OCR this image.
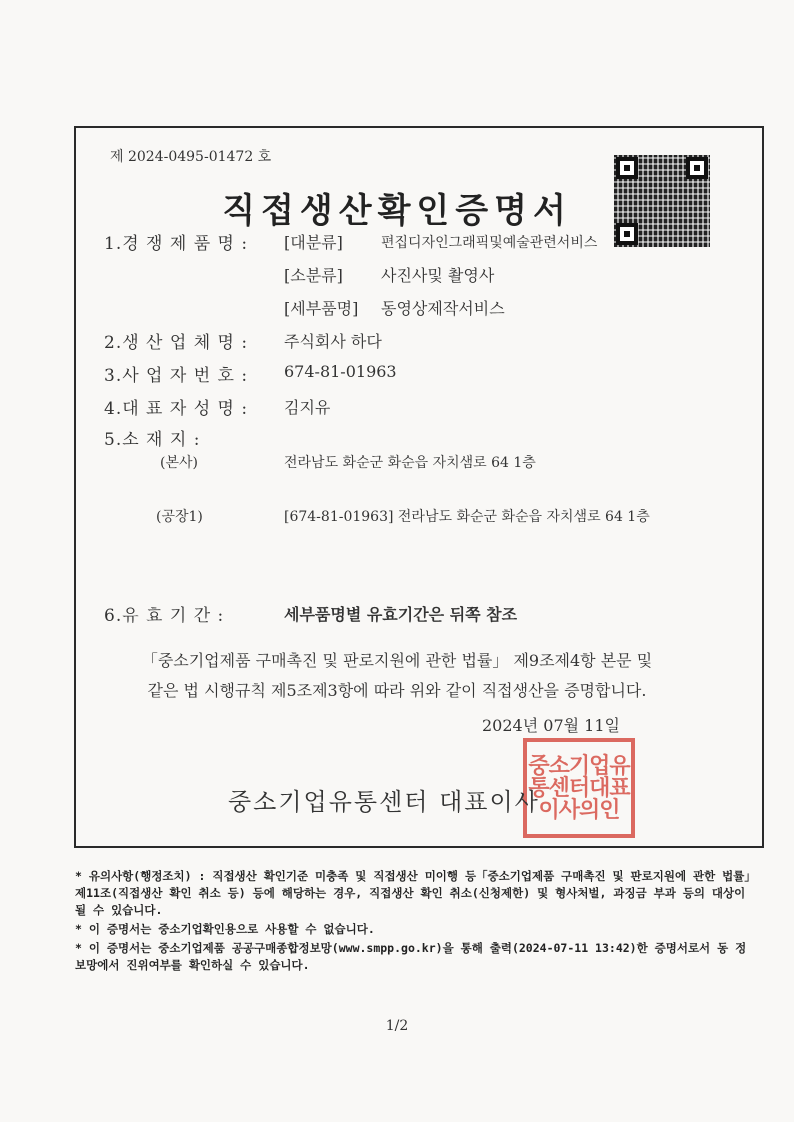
제 2024-0495-01472 호
직접생산확인증명서
1.경 쟁 제 품 명 : [대분류]	편집디자인그래픽및예술관련서비스
[소분류] 사진사및 촬영사
[세부품명] 동영상제작서비스
2.생 산 업 체 명 : 주식회사 하다
3.사 업 자 번 호 : 674-81-01963
4.대 표 자 성 명 : 김지유
5.소 재 지 :
(본사)	전라남도 화순군 화순읍 자치샘로 64 1층
(공장1)	[674-81-01963] 전라남도 화순군 화순읍 자치샘로 64 1층
6.유 효 기 간 :	세부품명별 유효기간은 뒤쪽 참조
「중소기업제품 구매촉진 및 판로지원에 관한 법률」 제9조제4항 본문 및
같은 법 시행규칙 제5조제3항에 따라 위와 같이 직접생산을 증명합니다.
2024년 07월 11일
중소기업유통센터대표이사의인
중소기업유통센터 대표이사

* 유의사항(행정조치) : 직접생산 확인기준 미충족 및 직접생산 미이행 등「중소기업제품 구매촉진 및 판로지원에 관한 법률」제11조(직접생산 확인 취소 등) 등에 해당하는 경우, 직접생산 확인 취소(신청제한) 및 형사처벌, 과징금 부과 등의 대상이 될 수 있습니다.

* 이 증명서는 중소기업확인용으로 사용할 수 없습니다.

* 이 증명서는 중소기업제품 공공구매종합정보망(www.smpp.go.kr)을 통해 출력(2024-07-11 13:42)한 증명서로서 동 정보망에서 진위여부를 확인하실 수 있습니다.

1/2
